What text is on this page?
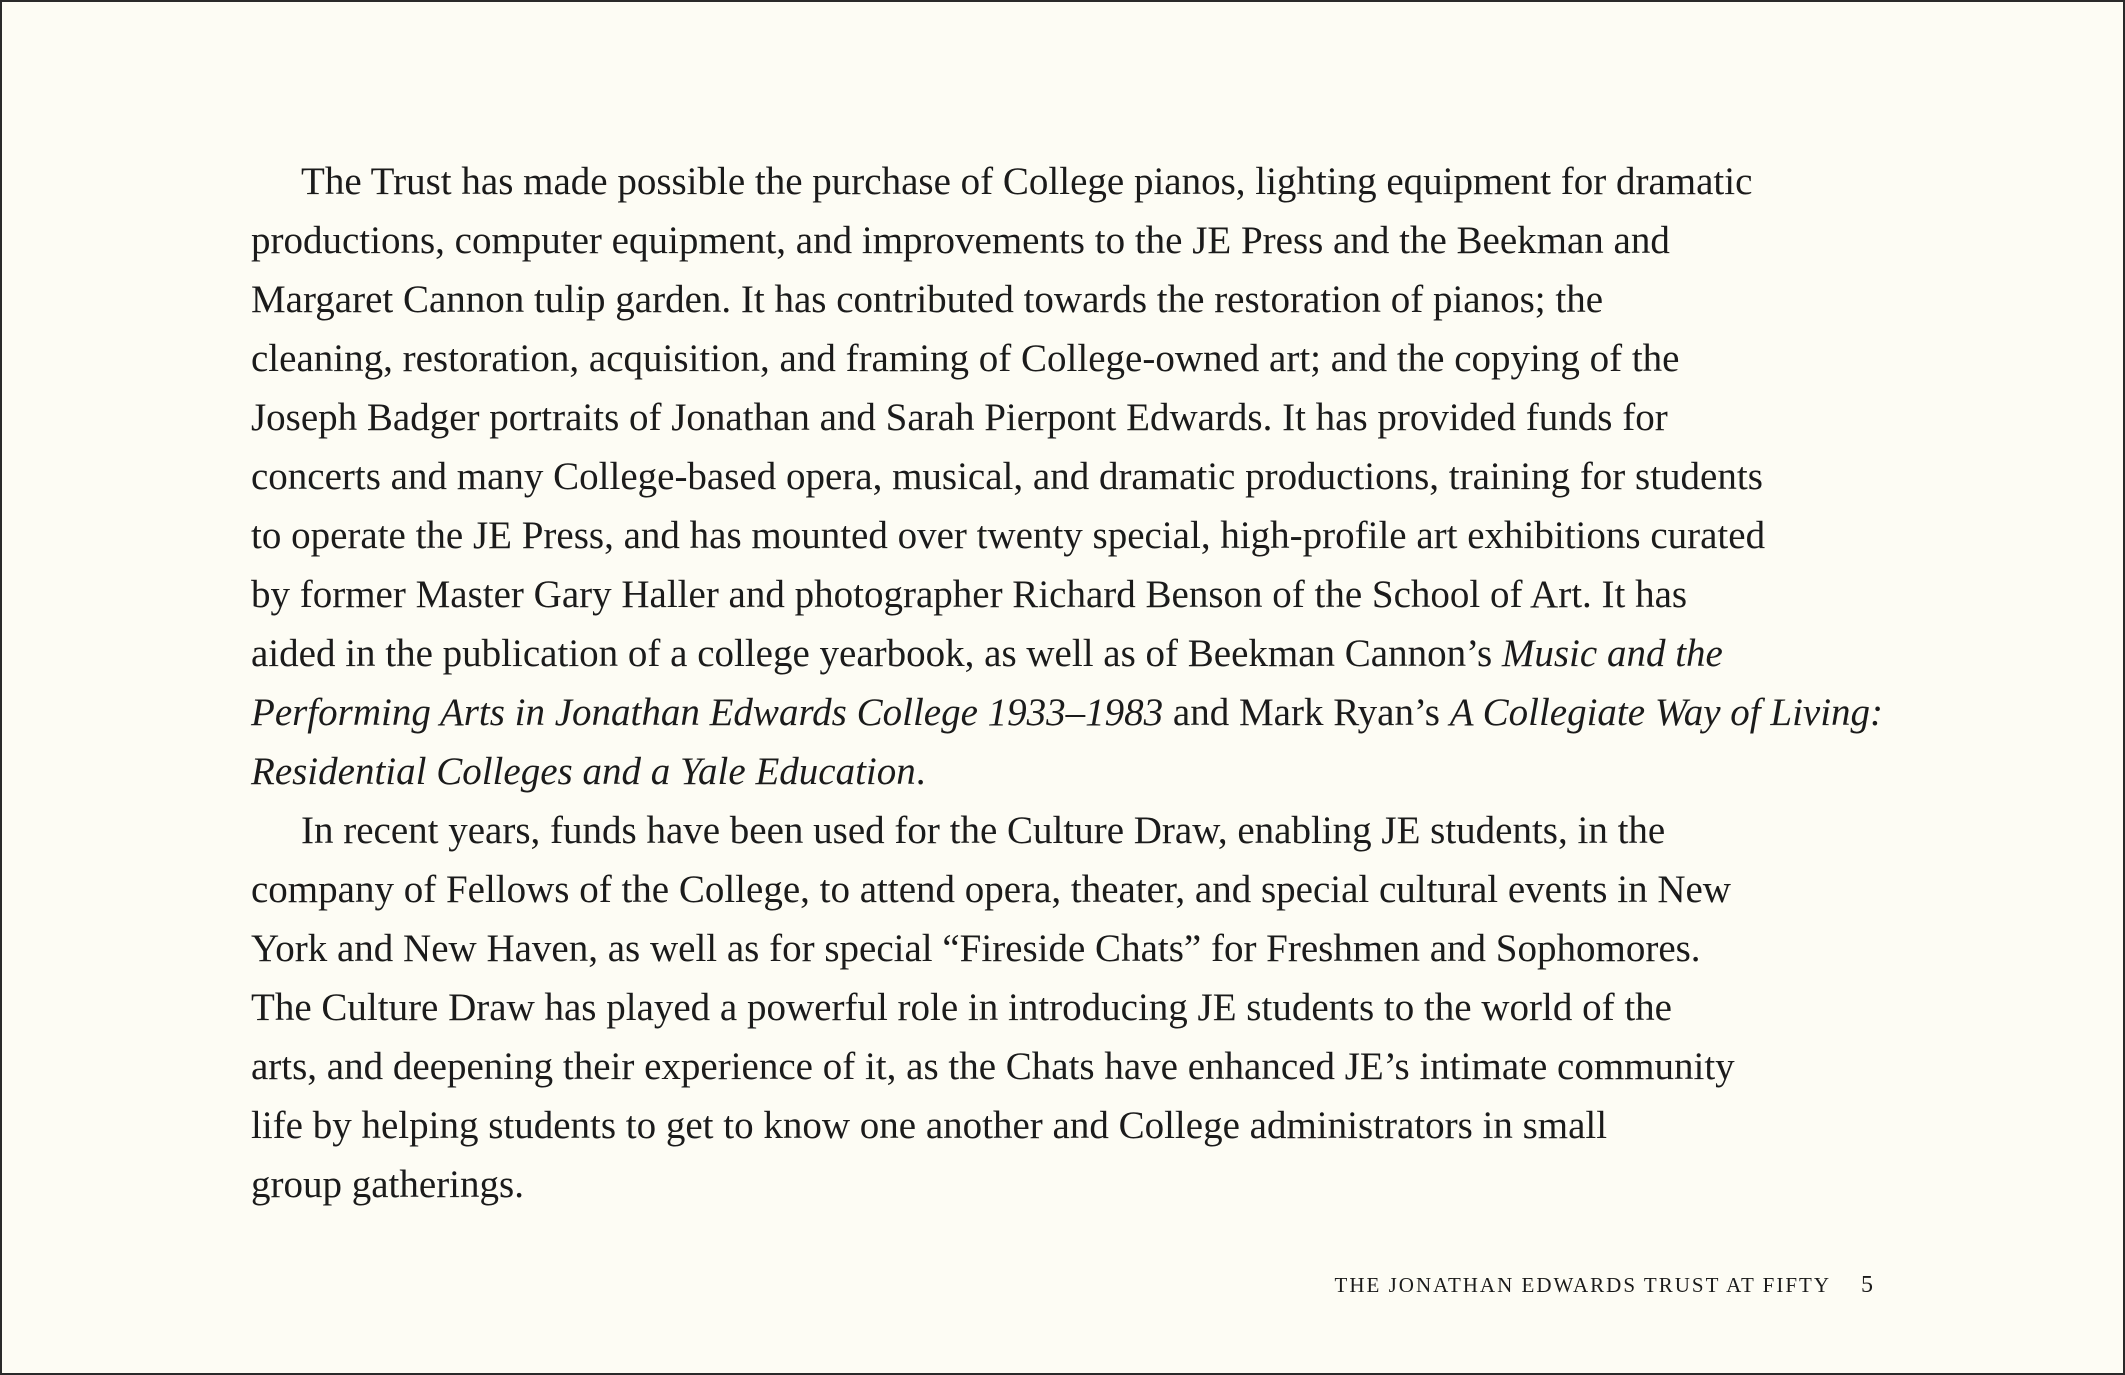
The Trust has made possible the purchase of College pianos, lighting equipment for dramatic
productions, computer equipment, and improvements to the JE Press and the Beekman and
Margaret Cannon tulip garden. It has contributed towards the restoration of pianos; the
cleaning, restoration, acquisition, and framing of College-owned art; and the copying of the
Joseph Badger portraits of Jonathan and Sarah Pierpont Edwards. It has provided funds for
concerts and many College-based opera, musical, and dramatic productions, training for students
to operate the JE Press, and has mounted over twenty special, high-profile art exhibitions curated
by former Master Gary Haller and photographer Richard Benson of the School of Art. It has
aided in the publication of a college yearbook, as well as of Beekman Cannon’s Music and the
Performing Arts in Jonathan Edwards College 1933–1983 and Mark Ryan’s A Collegiate Way of Living:
Residential Colleges and a Yale Education.
In recent years, funds have been used for the Culture Draw, enabling JE students, in the
company of Fellows of the College, to attend opera, theater, and special cultural events in New
York and New Haven, as well as for special “Fireside Chats” for Freshmen and Sophomores.
The Culture Draw has played a powerful role in introducing JE students to the world of the
arts, and deepening their experience of it, as the Chats have enhanced JE’s intimate community
life by helping students to get to know one another and College administrators in small
group gatherings.
THE JONATHAN EDWARDS TRUST AT FIFTY 5
